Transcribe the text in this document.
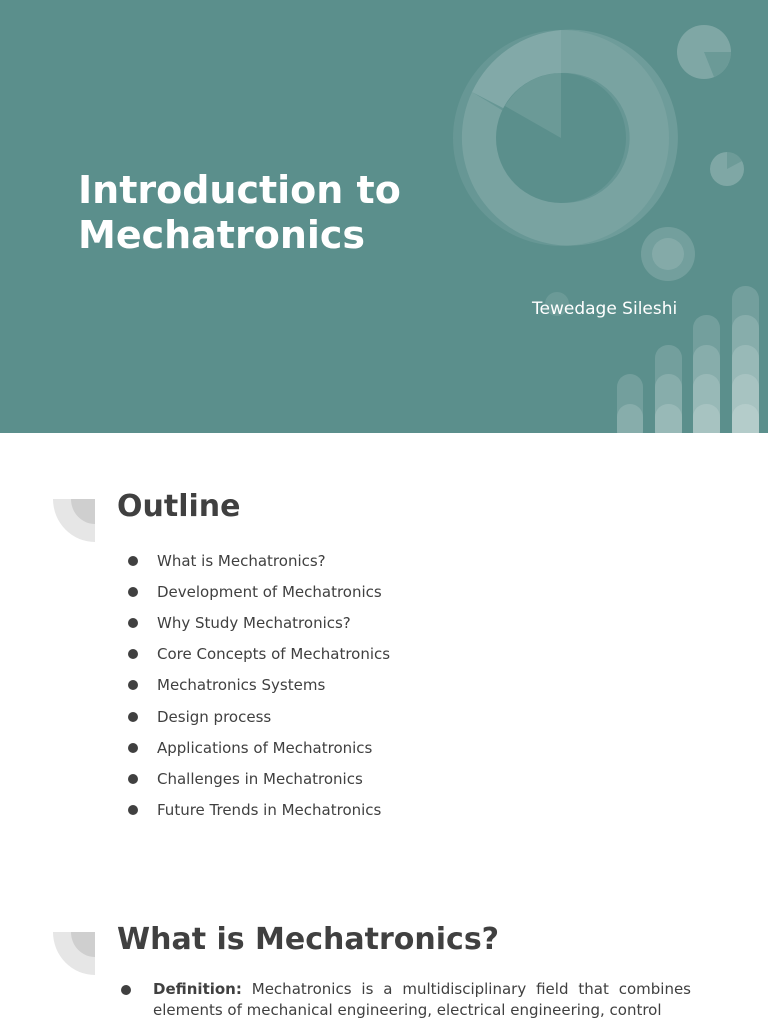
Introduction to
Mechatronics
Tewedage Sileshi
Outline
What is Mechatronics?
Development of Mechatronics
Why Study Mechatronics?
Core Concepts of Mechatronics
Mechatronics Systems
Design process
Applications of Mechatronics
Challenges in Mechatronics
Future Trends in Mechatronics
What is Mechatronics?
Definition: Mechatronics is a multidisciplinary field that combines elements of mechanical engineering, electrical engineering, control
